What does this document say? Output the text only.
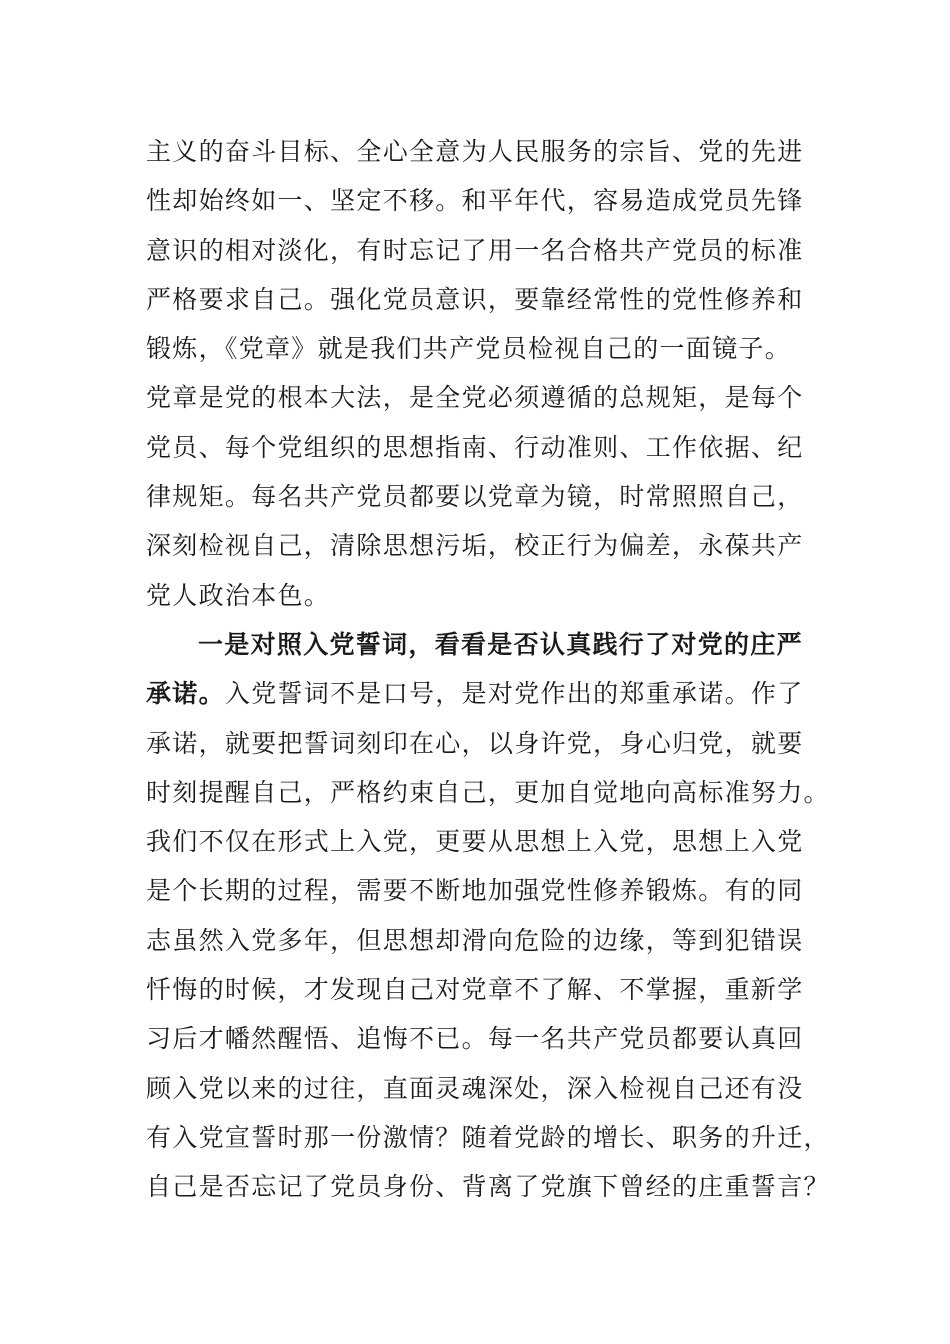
主义的奋斗目标、全心全意为人民服务的宗旨、党的先进
性却始终如一、坚定不移。和平年代，容易造成党员先锋
意识的相对淡化，有时忘记了用一名合格共产党员的标准
严格要求自己。强化党员意识，要靠经常性的党性修养和
锻炼，《党章》就是我们共产党员检视自己的一面镜子。
党章是党的根本大法，是全党必须遵循的总规矩，是每个
党员、每个党组织的思想指南、行动准则、工作依据、纪
律规矩。每名共产党员都要以党章为镜，时常照照自己，
深刻检视自己，清除思想污垢，校正行为偏差，永葆共产
党人政治本色。
一是对照入党誓词，看看是否认真践行了对党的庄严
承诺。入党誓词不是口号，是对党作出的郑重承诺。作了
承诺，就要把誓词刻印在心，以身许党，身心归党，就要
时刻提醒自己，严格约束自己，更加自觉地向高标准努力。
我们不仅在形式上入党，更要从思想上入党，思想上入党
是个长期的过程，需要不断地加强党性修养锻炼。有的同
志虽然入党多年，但思想却滑向危险的边缘，等到犯错误
忏悔的时候，才发现自己对党章不了解、不掌握，重新学
习后才幡然醒悟、追悔不已。每一名共产党员都要认真回
顾入党以来的过往，直面灵魂深处，深入检视自己还有没
有入党宣誓时那一份激情？随着党龄的增长、职务的升迁，
自己是否忘记了党员身份、背离了党旗下曾经的庄重誓言？
